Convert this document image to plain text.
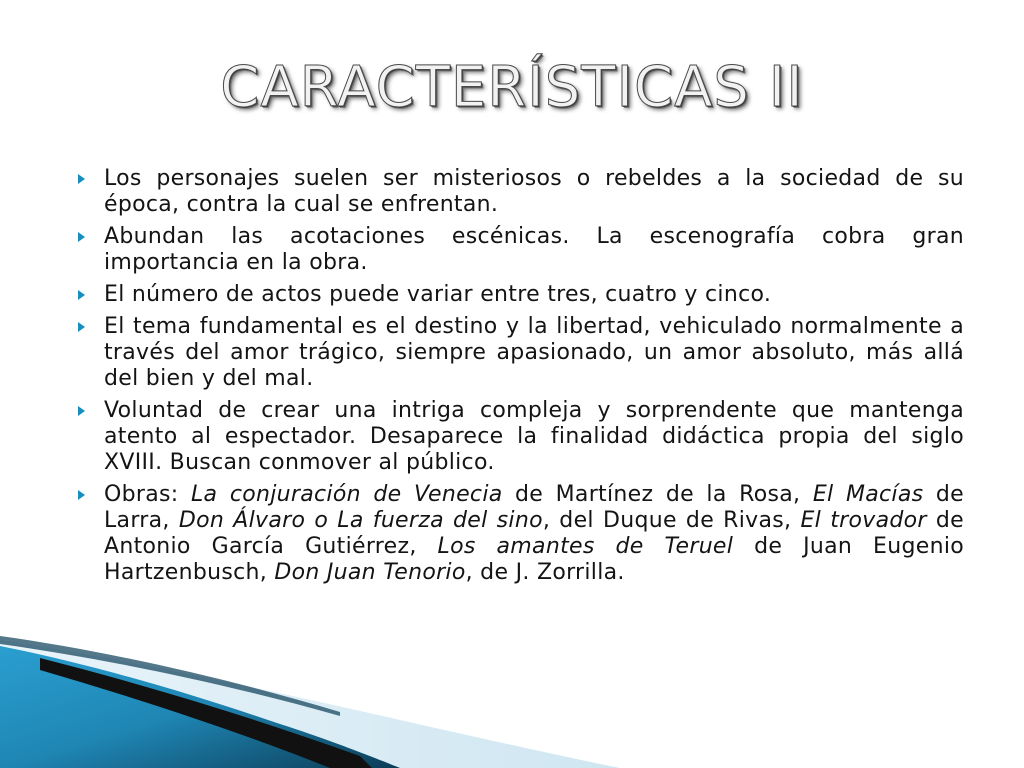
CARACTERÍSTICAS II
Los personajes suelen ser misteriosos o rebeldes a la sociedad de su época, contra la cual se enfrentan.
Abundan las acotaciones escénicas. La escenografía cobra gran importancia en la obra.
El número de actos puede variar entre tres, cuatro y cinco.
El tema fundamental es el destino y la libertad, vehiculado normalmente a través del amor trágico, siempre apasionado, un amor absoluto, más allá del bien y del mal.
Voluntad de crear una intriga compleja y sorprendente que mantenga atento al espectador. Desaparece la finalidad didáctica propia del siglo XVIII. Buscan conmover al público.
Obras: La conjuración de Venecia de Martínez de la Rosa, El Macías de Larra, Don Álvaro o La fuerza del sino, del Duque de Rivas, El trovador de Antonio García Gutiérrez, Los amantes de Teruel de Juan Eugenio Hartzenbusch, Don Juan Tenorio, de J. Zorrilla.
